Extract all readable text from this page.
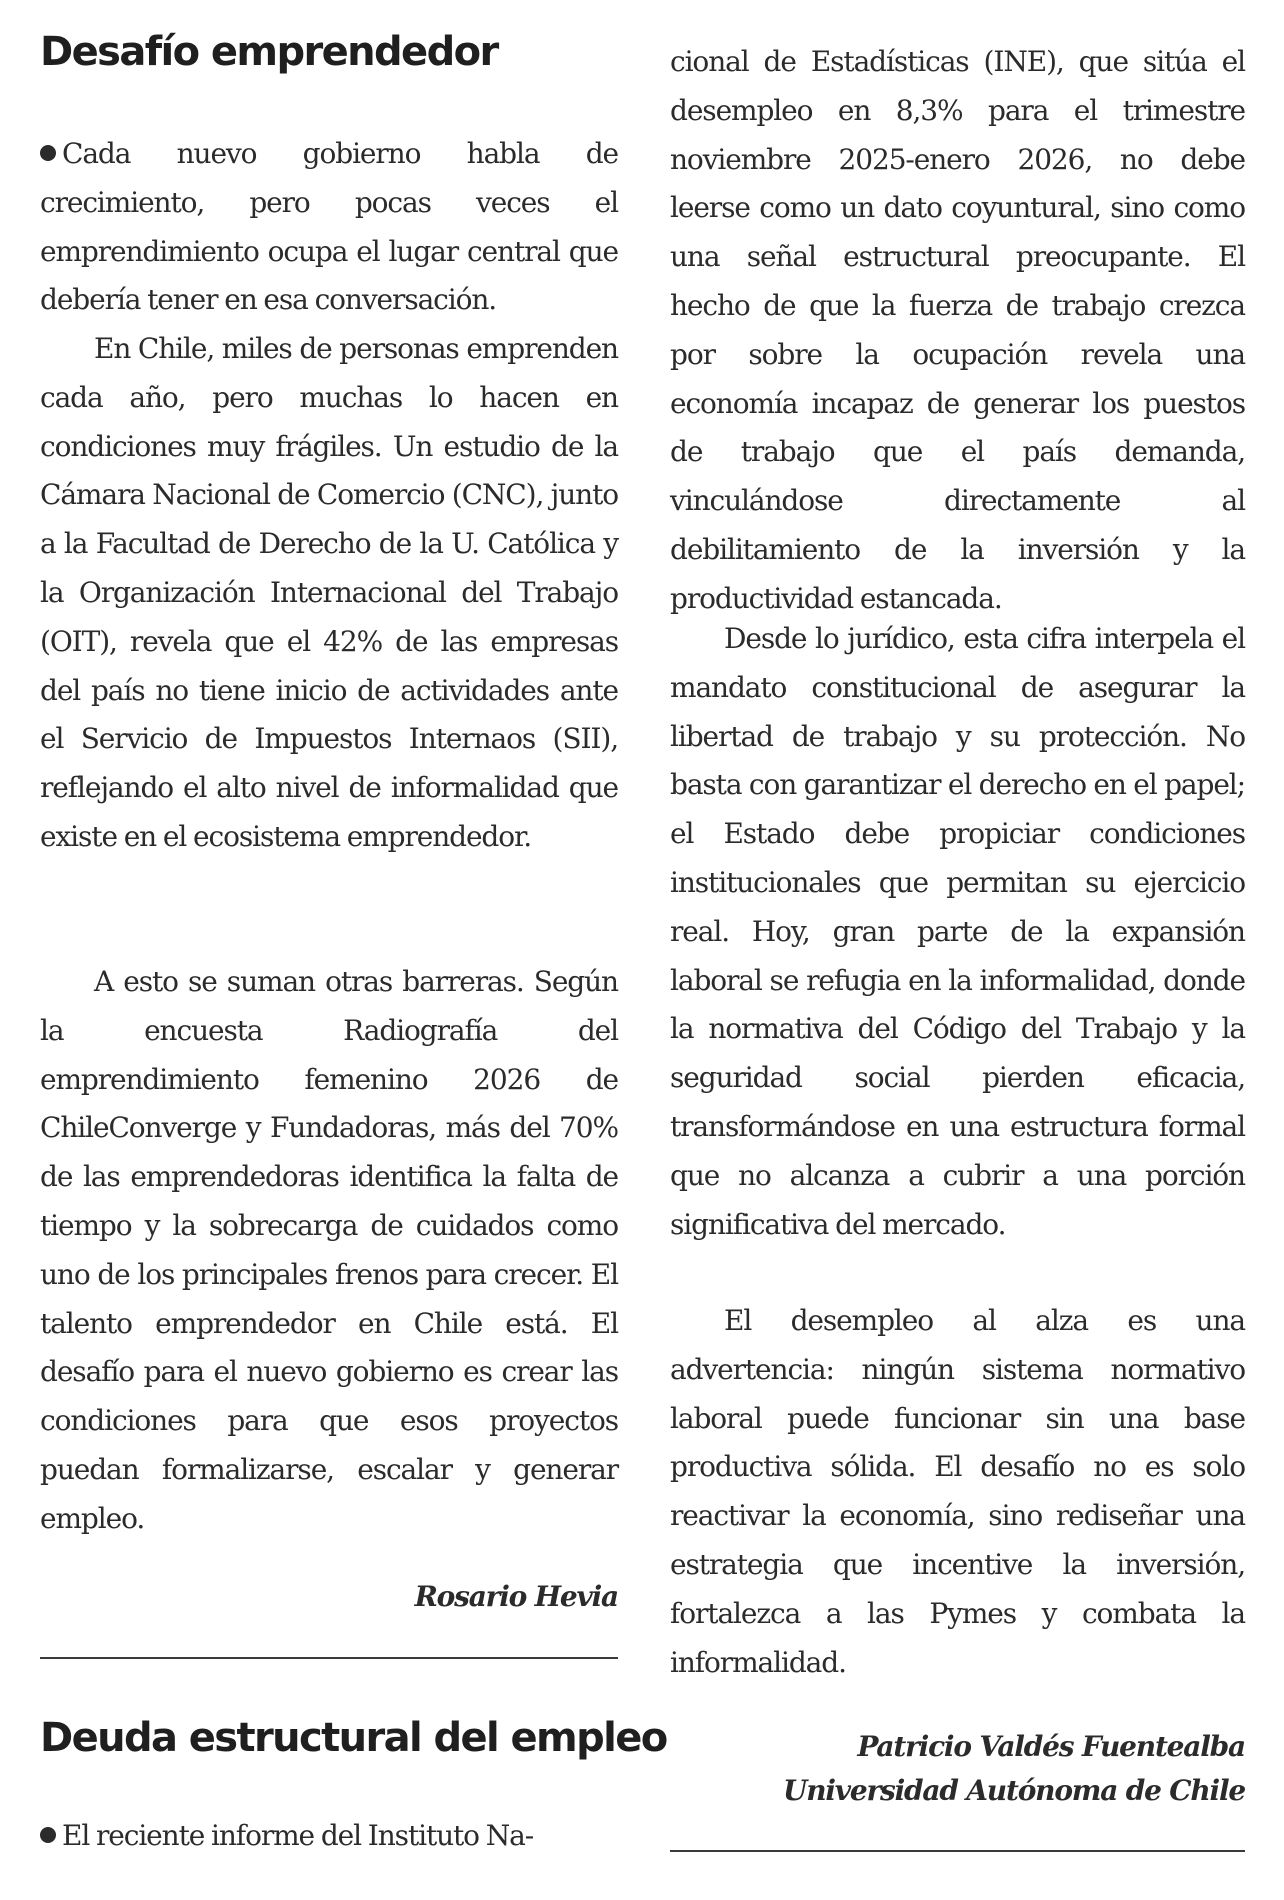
Desafío emprendedor

Cada nuevo gobierno habla de crecimiento, pero pocas veces el emprendimiento ocupa el lugar central que debería tener en esa conversación.

En Chile, miles de personas emprenden cada año, pero muchas lo hacen en condiciones muy frágiles. Un estudio de la Cámara Nacional de Comercio (CNC), junto a la Facultad de Derecho de la U. Católica y la Organización Internacional del Trabajo (OIT), revela que el 42% de las empresas del país no tiene inicio de actividades ante el Servicio de Impuestos Internaos (SII), reflejando el alto nivel de informalidad que existe en el ecosistema emprendedor.

A esto se suman otras barreras. Según la encuesta Radiografía del emprendimiento femenino 2026 de ChileConverge y Fundadoras, más del 70% de las emprendedoras identifica la falta de tiempo y la sobrecarga de cuidados como uno de los principales frenos para crecer. El talento emprendedor en Chile está. El desafío para el nuevo gobierno es crear las condiciones para que esos proyectos puedan formalizarse, escalar y generar empleo.

Rosario Hevia

Deuda estructural del empleo

El reciente informe del Instituto Na-

cional de Estadísticas (INE), que sitúa el desempleo en 8,3% para el trimestre noviembre 2025-enero 2026, no debe leerse como un dato coyuntural, sino como una señal estructural preocupante. El hecho de que la fuerza de trabajo crezca por sobre la ocupación revela una economía incapaz de generar los puestos de trabajo que el país demanda, vinculándose directamente al debilitamiento de la inversión y la productividad estancada.

Desde lo jurídico, esta cifra interpela el mandato constitucional de asegurar la libertad de trabajo y su protección. No basta con garantizar el derecho en el papel; el Estado debe propiciar condiciones institucionales que permitan su ejercicio real. Hoy, gran parte de la expansión laboral se refugia en la informalidad, donde la normativa del Código del Trabajo y la seguridad social pierden eficacia, transformándose en una estructura formal que no alcanza a cubrir a una porción significativa del mercado.

El desempleo al alza es una advertencia: ningún sistema normativo laboral puede funcionar sin una base productiva sólida. El desafío no es solo reactivar la economía, sino rediseñar una estrategia que incentive la inversión, fortalezca a las Pymes y combata la informalidad.

Patricio Valdés Fuentealba

Universidad Autónoma de Chile
